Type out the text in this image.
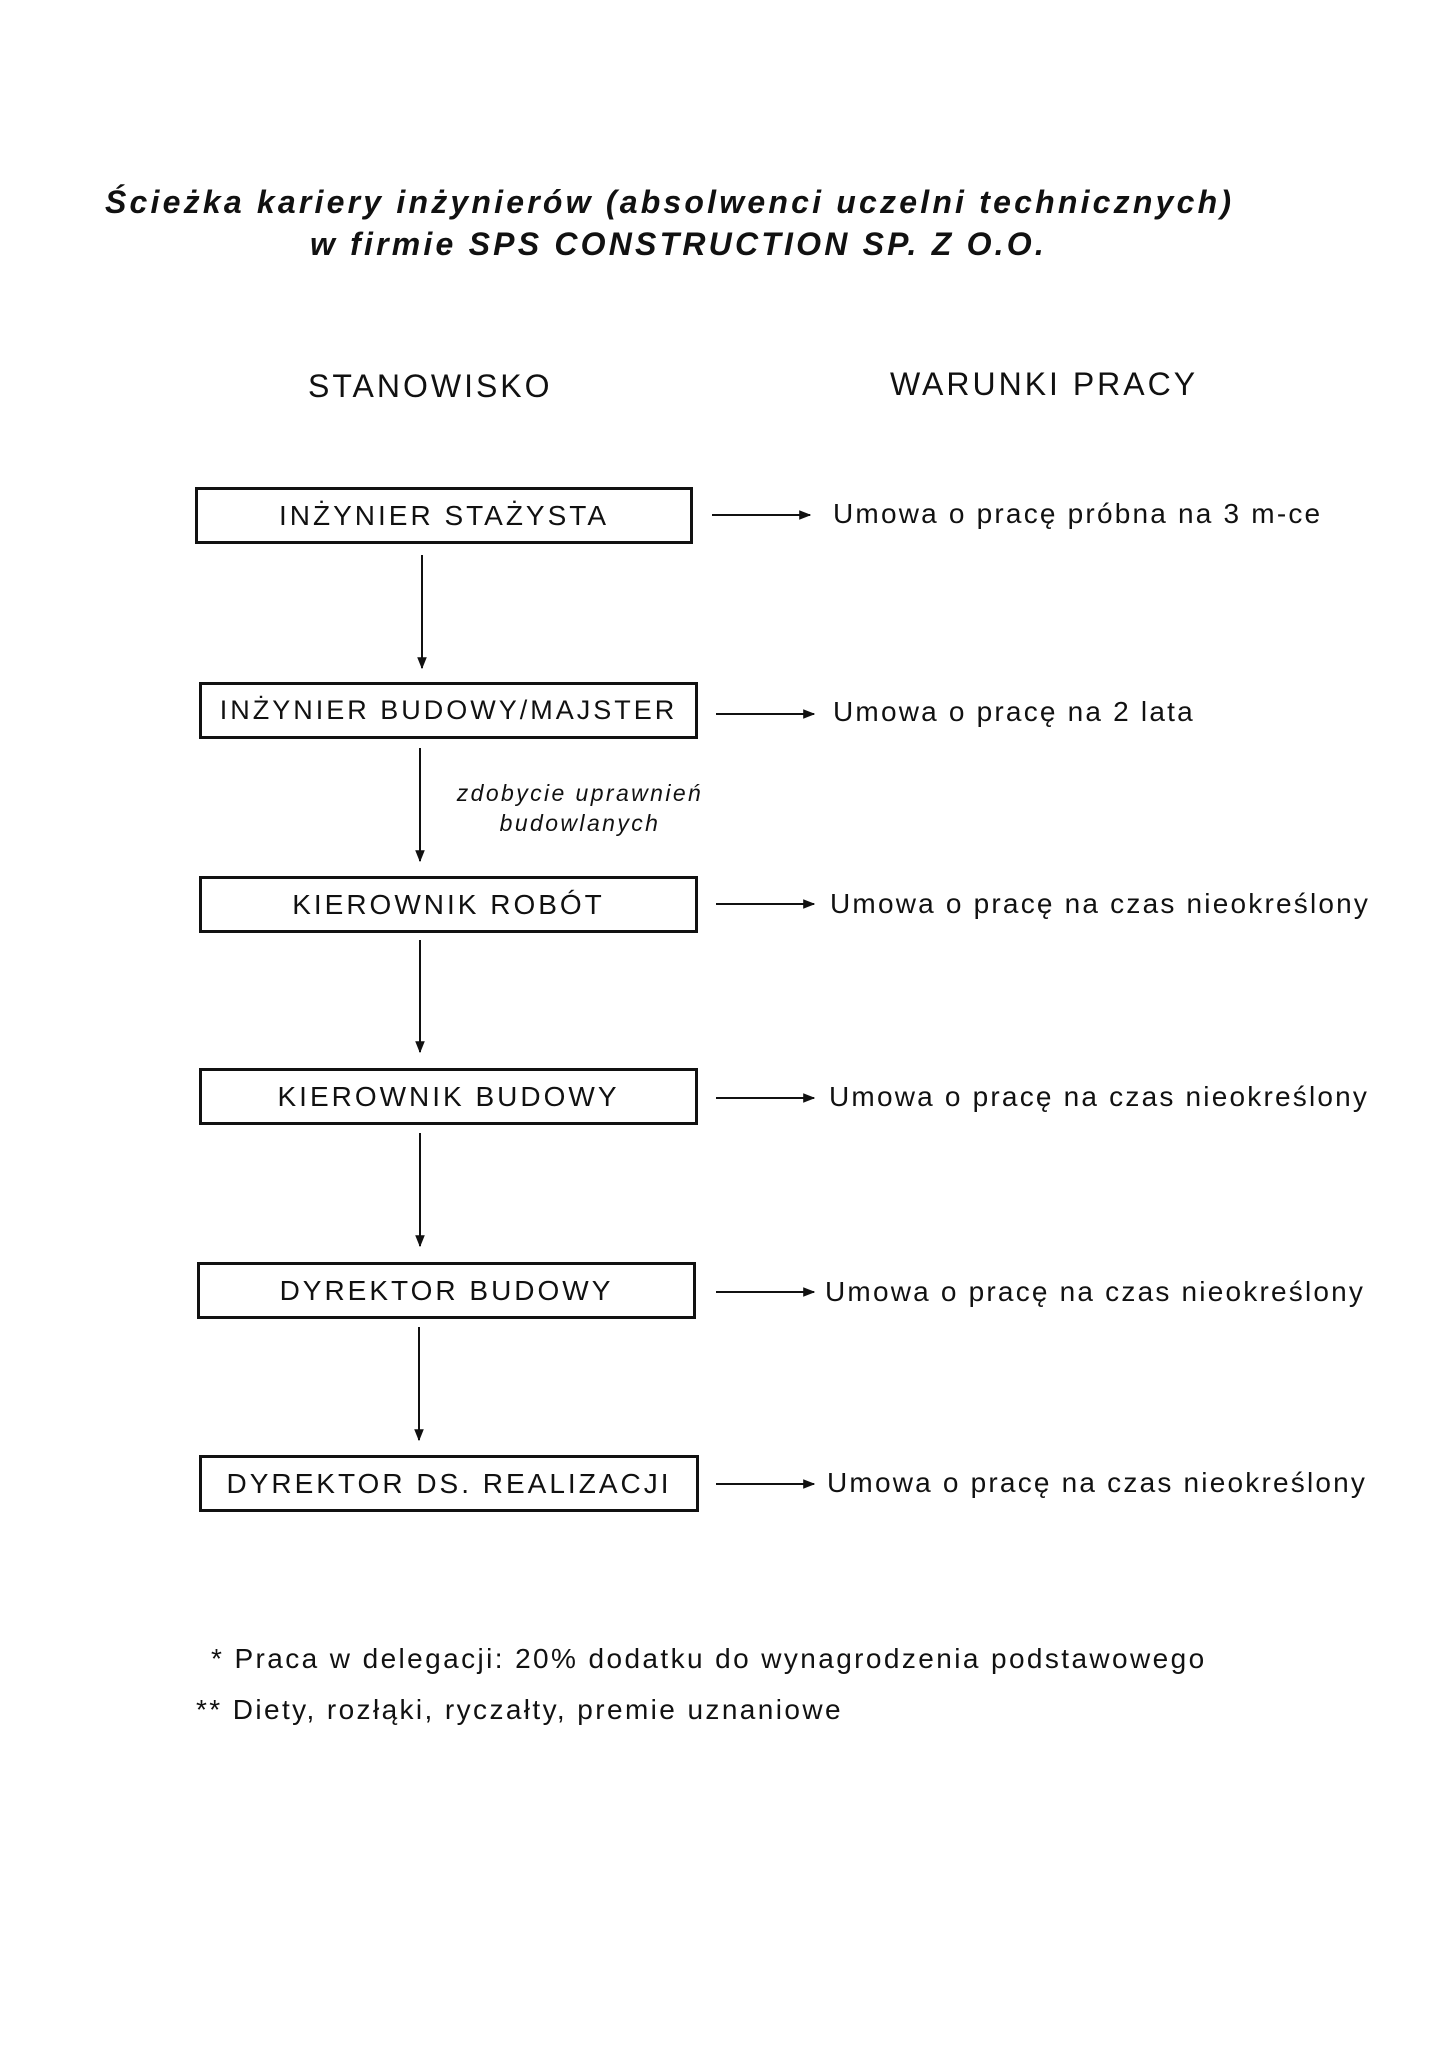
Ścieżka kariery inżynierów (absolwenci uczelni technicznych)
w firmie SPS CONSTRUCTION SP. Z O.O.
STANOWISKO	WARUNKI PRACY
INŻYNIER STAŻYSTA
INŻYNIER BUDOWY/MAJSTER
KIEROWNIK ROBÓT
KIEROWNIK BUDOWY
DYREKTOR BUDOWY
DYREKTOR DS. REALIZACJI
zdobycie uprawnień
budowlanych
Umowa o pracę próbna na 3 m-ce
Umowa o pracę na 2 lata
Umowa o pracę na czas nieokreślony
Umowa o pracę na czas nieokreślony
Umowa o pracę na czas nieokreślony
Umowa o pracę na czas nieokreślony
* Praca w delegacji: 20% dodatku do wynagrodzenia podstawowego
** Diety, rozłąki, ryczałty, premie uznaniowe
